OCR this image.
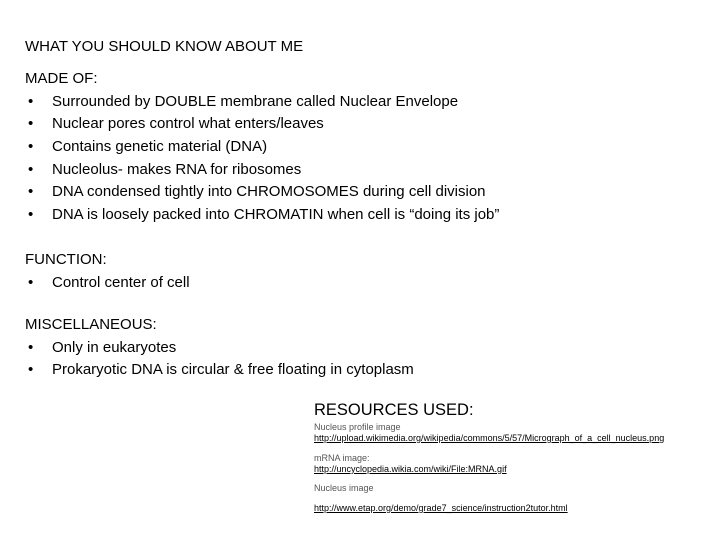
WHAT YOU SHOULD KNOW ABOUT ME
MADE OF:
•	Surrounded by DOUBLE membrane called Nuclear Envelope
•	Nuclear pores control what enters/leaves
•	Contains genetic material (DNA)
•	Nucleolus- makes RNA for ribosomes
•	DNA condensed tightly into CHROMOSOMES during cell division
•	DNA is loosely packed into CHROMATIN when cell is “doing its job”
FUNCTION:
•	Control center of cell
MISCELLANEOUS:
•	Only in eukaryotes
•	Prokaryotic DNA is circular & free floating in cytoplasm
RESOURCES USED:
Nucleus profile image
http://upload.wikimedia.org/wikipedia/commons/5/57/Micrograph_of_a_cell_nucleus.png
mRNA image:
http://uncyclopedia.wikia.com/wiki/File:MRNA.gif
Nucleus image
http://www.etap.org/demo/grade7_science/instruction2tutor.html
